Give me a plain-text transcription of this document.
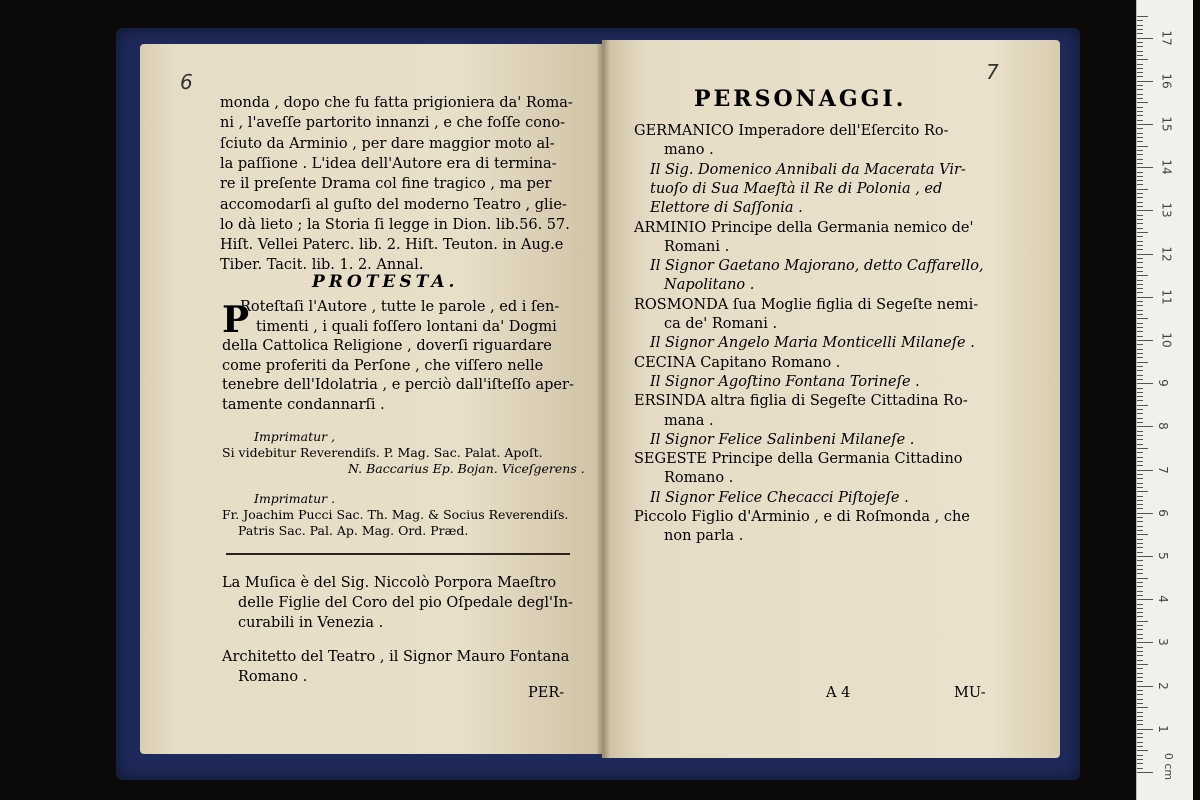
6
monda , dopo che fu fatta prigioniera da' Roma-
ni , l'aveſſe partorito innanzi , e che foſſe cono-
ſciuto da Arminio , per dare maggior moto al-
la paſſione . L'idea dell'Autore era di termina-
re il preſente Drama col fine tragico , ma per
accomodarſi al guſto del moderno Teatro , glie-
lo dà lieto ; la Storia ſi legge in Dion. lib.56. 57.
Hiſt. Vellei Paterc. lib. 2. Hiſt. Teuton. in Aug.e
Tiber. Tacit. lib. 1. 2. Annal.
PROTESTA.
P
Roteſtaſi l'Autore , tutte le parole , ed i ſen-
timenti , i quali foſſero lontani da' Dogmi
della Cattolica Religione , doverſi riguardare
come proferiti da Perſone , che viſſero nelle
tenebre dell'Idolatria , e perciò dall'iſteſſo aper-
tamente condannarſi .
Imprimatur ,
Si videbitur Reverendiſs. P. Mag. Sac. Palat. Apoſt.
N. Baccarius Ep. Bojan. Viceſgerens .
Imprimatur .
Fr. Joachim Pucci Sac. Th. Mag. & Socius Reverendiſs.
Patris Sac. Pal. Ap. Mag. Ord. Præd.
La Muſica è del Sig. Niccolò Porpora Maeſtro
delle Figlie del Coro del pio Oſpedale degl'In-
curabili in Venezia .
Architetto del Teatro , il Signor Mauro Fontana
Romano .
PER-
7
PERSONAGGI.
GERMANICO Imperadore dell'Eſercito Ro-
mano .
Il Sig. Domenico Annibali da Macerata Vir-
tuoſo di Sua Maeſtà il Re di Polonia , ed
Elettore di Saſſonia .
ARMINIO Principe della Germania nemico de'
Romani .
Il Signor Gaetano Majorano, detto Caffarello,
Napolitano .
ROSMONDA ſua Moglie figlia di Segeſte nemi-
ca de' Romani .
Il Signor Angelo Maria Monticelli Milaneſe .
CECINA Capitano Romano .
Il Signor Agoſtino Fontana Torineſe .
ERSINDA altra figlia di Segeſte Cittadina Ro-
mana .
Il Signor Felice Salinbeni Milaneſe .
SEGESTE Principe della Germania Cittadino
Romano .
Il Signor Felice Checacci Piſtojeſe .
Piccolo Figlio d'Arminio , e di Roſmonda , che
non parla .
A 4	MU-
1
2
3
4
5
6
7
8
9
10
11
12
13
14
15
16
17
0 cm
